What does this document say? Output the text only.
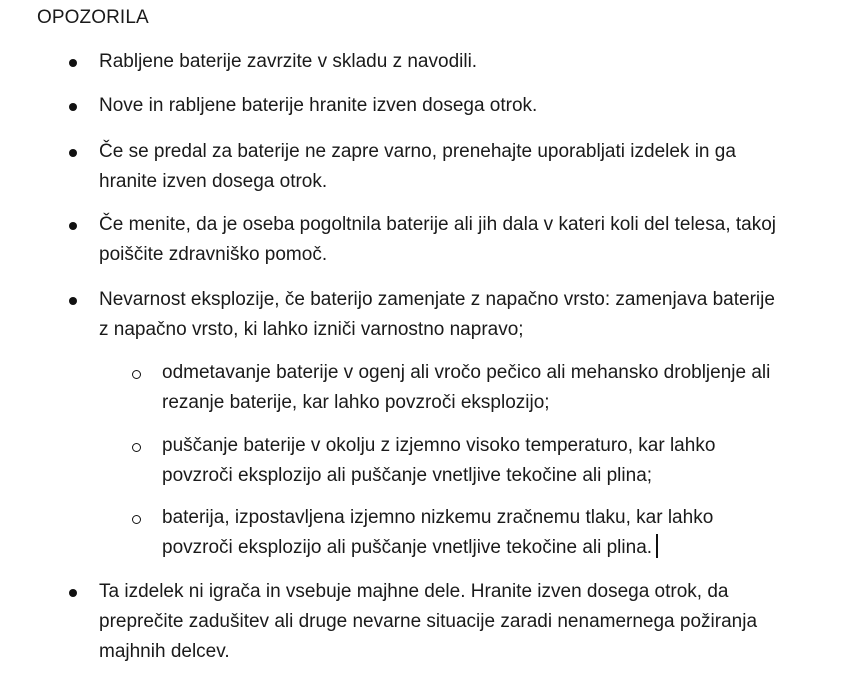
OPOZORILA
Rabljene baterije zavrzite v skladu z navodili.
Nove in rabljene baterije hranite izven dosega otrok.
Če se predal za baterije ne zapre varno, prenehajte uporabljati izdelek in ga
hranite izven dosega otrok.
Če menite, da je oseba pogoltnila baterije ali jih dala v kateri koli del telesa, takoj
poiščite zdravniško pomoč.
Nevarnost eksplozije, če baterijo zamenjate z napačno vrsto: zamenjava baterije
z napačno vrsto, ki lahko izniči varnostno napravo;
odmetavanje baterije v ogenj ali vročo pečico ali mehansko drobljenje ali
rezanje baterije, kar lahko povzroči eksplozijo;
puščanje baterije v okolju z izjemno visoko temperaturo, kar lahko
povzroči eksplozijo ali puščanje vnetljive tekočine ali plina;
baterija, izpostavljena izjemno nizkemu zračnemu tlaku, kar lahko
povzroči eksplozijo ali puščanje vnetljive tekočine ali plina.
Ta izdelek ni igrača in vsebuje majhne dele. Hranite izven dosega otrok, da
preprečite zadušitev ali druge nevarne situacije zaradi nenamernega požiranja
majhnih delcev.
